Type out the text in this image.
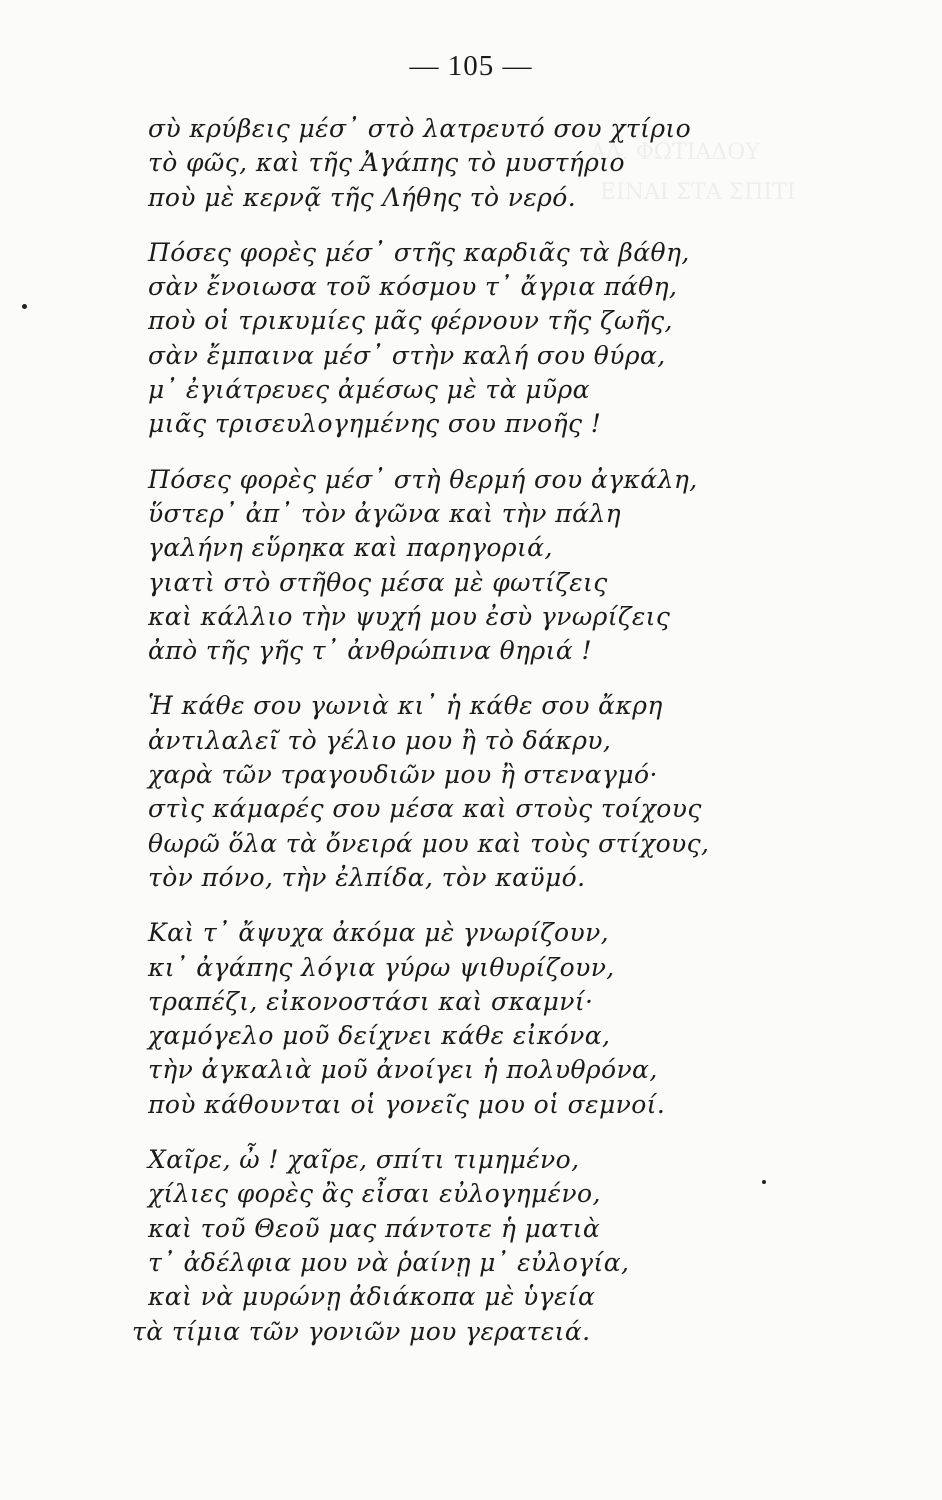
ΑΛ. ΦΩΤΙΑΔΟΥ
ΕΙΝΑΙ ΣΤΑ ΣΠΙΤΙ
— 105 —
σὺ κρύβεις μέσ᾽ στὸ λατρευτό σου χτίριο
τὸ φῶς, καὶ τῆς Ἀγάπης τὸ μυστήριο
ποὺ μὲ κερνᾷ τῆς Λήθης τὸ νερό.
Πόσες φορὲς μέσ᾽ στῆς καρδιᾶς τὰ βάθη,
σὰν ἔνοιωσα τοῦ κόσμου τ᾽ ἄγρια πάθη,
ποὺ οἱ τρικυμίες μᾶς φέρνουν τῆς ζωῆς,
σὰν ἔμπαινα μέσ᾽ στὴν καλή σου θύρα,
μ᾽ ἐγιάτρευες ἀμέσως μὲ τὰ μῦρα
μιᾶς τρισευλογημένης σου πνοῆς !
Πόσες φορὲς μέσ᾽ στὴ θερμή σου ἀγκάλη,
ὕστερ᾽ ἀπ᾽ τὸν ἀγῶνα καὶ τὴν πάλη
γαλήνη εὕρηκα καὶ παρηγοριά,
γιατὶ στὸ στῆθος μέσα μὲ φωτίζεις
καὶ κάλλιο τὴν ψυχή μου ἐσὺ γνωρίζεις
ἀπὸ τῆς γῆς τ᾽ ἀνθρώπινα θηριά !
Ἡ κάθε σου γωνιὰ κι᾽ ἡ κάθε σου ἄκρη
ἀντιλαλεῖ τὸ γέλιο μου ἢ τὸ δάκρυ,
χαρὰ τῶν τραγουδιῶν μου ἢ στεναγμό·
στὶς κάμαρές σου μέσα καὶ στοὺς τοίχους
θωρῶ ὅλα τὰ ὄνειρά μου καὶ τοὺς στίχους,
τὸν πόνο, τὴν ἐλπίδα, τὸν καϋμό.
Καὶ τ᾽ ἄψυχα ἀκόμα μὲ γνωρίζουν,
κι᾽ ἀγάπης λόγια γύρω ψιθυρίζουν,
τραπέζι, εἰκονοστάσι καὶ σκαμνί·
χαμόγελο μοῦ δείχνει κάθε εἰκόνα,
τὴν ἀγκαλιὰ μοῦ ἀνοίγει ἡ πολυθρόνα,
ποὺ κάθουνται οἱ γονεῖς μου οἱ σεμνοί.
Χαῖρε, ὦ ! χαῖρε, σπίτι τιμημένο,
χίλιες φορὲς ἂς εἶσαι εὐλογημένο,
καὶ τοῦ Θεοῦ μας πάντοτε ἡ ματιὰ
τ᾽ ἀδέλφια μου νὰ ῥαίνῃ μ᾽ εὐλογία,
καὶ νὰ μυρώνῃ ἀδιάκοπα μὲ ὑγεία
τὰ τίμια τῶν γονιῶν μου γερατειά.
